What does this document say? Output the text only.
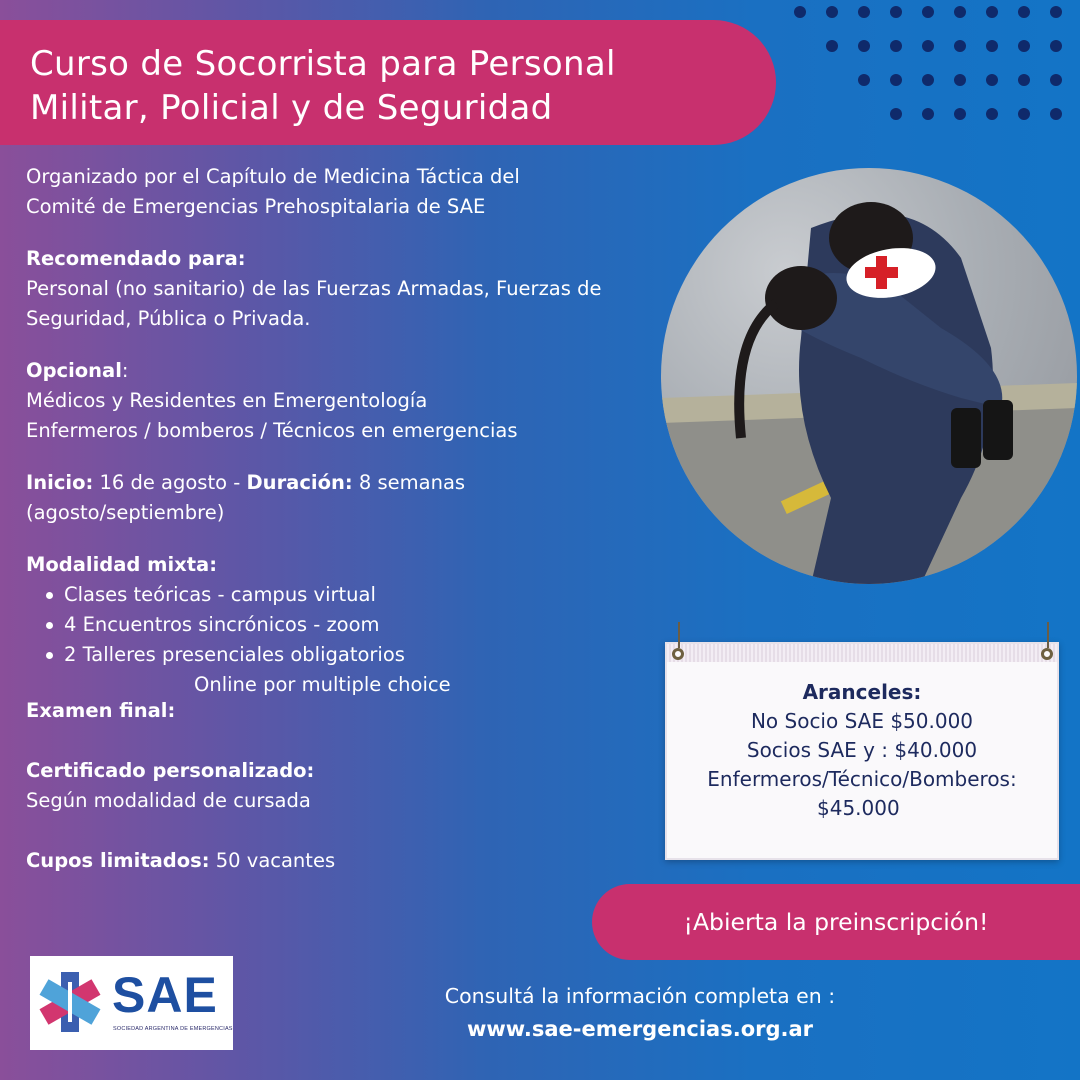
Curso de Socorrista para Personal
Militar, Policial y de Seguridad
Organizado por el Capítulo de Medicina Táctica del
Comité de Emergencias Prehospitalaria de SAE
Recomendado para:
Personal (no sanitario) de las Fuerzas Armadas, Fuerzas de
Seguridad, Pública o Privada.
Opcional:
Médicos y Residentes en Emergentología
Enfermeros / bomberos / Técnicos en emergencias
Inicio: 16 de agosto - Duración: 8 semanas
(agosto/septiembre)
Modalidad mixta:
Clases teóricas - campus virtual
4 Encuentros sincrónicos - zoom
2 Talleres presenciales obligatorios
Online por multiple choice
Examen final:
Certificado personalizado:
Según modalidad de cursada
Cupos limitados: 50 vacantes
Aranceles:
No Socio SAE $50.000
Socios SAE y : $40.000
Enfermeros/Técnico/Bomberos:
$45.000
¡Abierta la preinscripción!
SAE
SOCIEDAD ARGENTINA DE EMERGENCIAS
Consultá la información completa en :
www.sae-emergencias.org.ar
